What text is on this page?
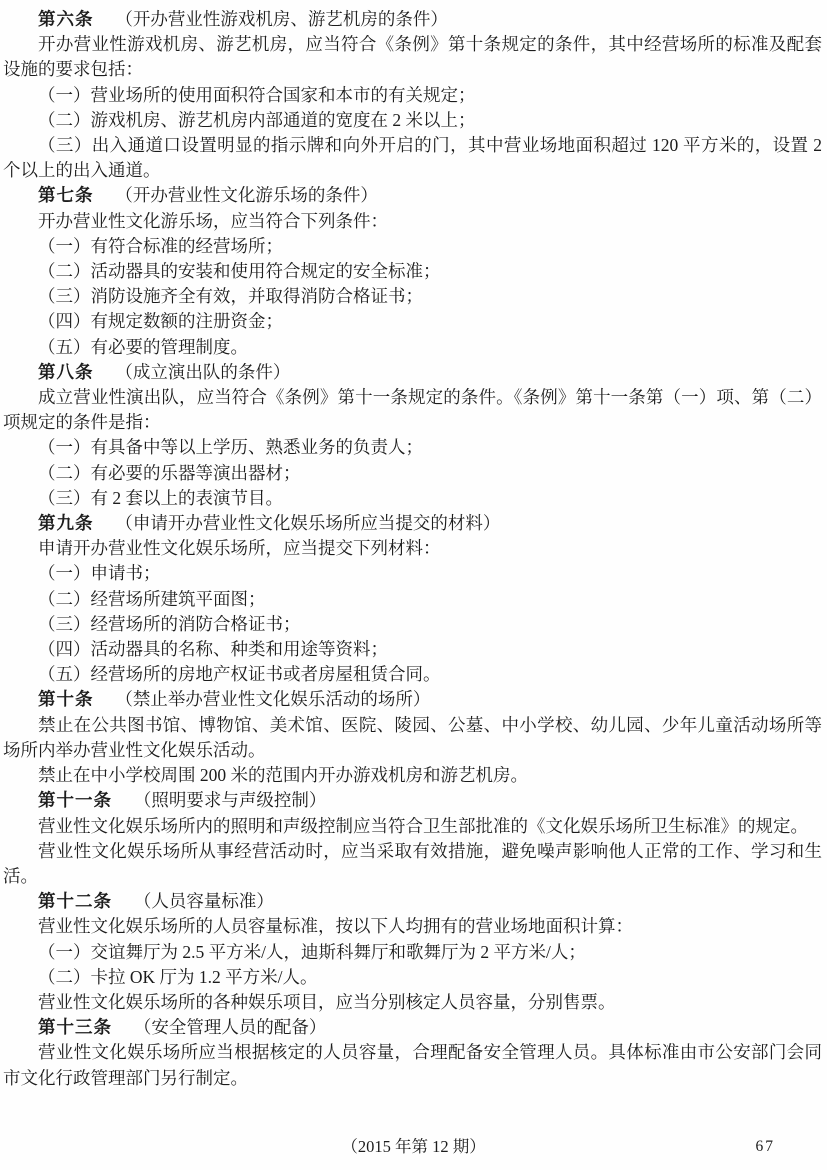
第六条 （开办营业性游戏机房、游艺机房的条件）

开办营业性游戏机房、游艺机房，应当符合《条例》第十条规定的条件，其中经营场所的标准及配套设施的要求包括：

（一）营业场所的使用面积符合国家和本市的有关规定；

（二）游戏机房、游艺机房内部通道的宽度在 2 米以上；

（三）出入通道口设置明显的指示牌和向外开启的门，其中营业场地面积超过 120 平方米的，设置 2 个以上的出入通道。

第七条 （开办营业性文化游乐场的条件）

开办营业性文化游乐场，应当符合下列条件：

（一）有符合标准的经营场所；

（二）活动器具的安装和使用符合规定的安全标准；

（三）消防设施齐全有效，并取得消防合格证书；

（四）有规定数额的注册资金；

（五）有必要的管理制度。

第八条 （成立演出队的条件）

成立营业性演出队，应当符合《条例》第十一条规定的条件。《条例》第十一条第（一）项、第（二）项规定的条件是指：

（一）有具备中等以上学历、熟悉业务的负责人；

（二）有必要的乐器等演出器材；

（三）有 2 套以上的表演节目。

第九条 （申请开办营业性文化娱乐场所应当提交的材料）

申请开办营业性文化娱乐场所，应当提交下列材料：

（一）申请书；

（二）经营场所建筑平面图；

（三）经营场所的消防合格证书；

（四）活动器具的名称、种类和用途等资料；

（五）经营场所的房地产权证书或者房屋租赁合同。

第十条 （禁止举办营业性文化娱乐活动的场所）

禁止在公共图书馆、博物馆、美术馆、医院、陵园、公墓、中小学校、幼儿园、少年儿童活动场所等场所内举办营业性文化娱乐活动。

禁止在中小学校周围 200 米的范围内开办游戏机房和游艺机房。

第十一条 （照明要求与声级控制）

营业性文化娱乐场所内的照明和声级控制应当符合卫生部批准的《文化娱乐场所卫生标准》的规定。

营业性文化娱乐场所从事经营活动时，应当采取有效措施，避免噪声影响他人正常的工作、学习和生活。

第十二条 （人员容量标准）

营业性文化娱乐场所的人员容量标准，按以下人均拥有的营业场地面积计算：

（一）交谊舞厅为 2.5 平方米/人，迪斯科舞厅和歌舞厅为 2 平方米/人；

（二）卡拉 OK 厅为 1.2 平方米/人。

营业性文化娱乐场所的各种娱乐项目，应当分别核定人员容量，分别售票。

第十三条 （安全管理人员的配备）

营业性文化娱乐场所应当根据核定的人员容量，合理配备安全管理人员。具体标准由市公安部门会同市文化行政管理部门另行制定。

（2015 年第 12 期）	67
